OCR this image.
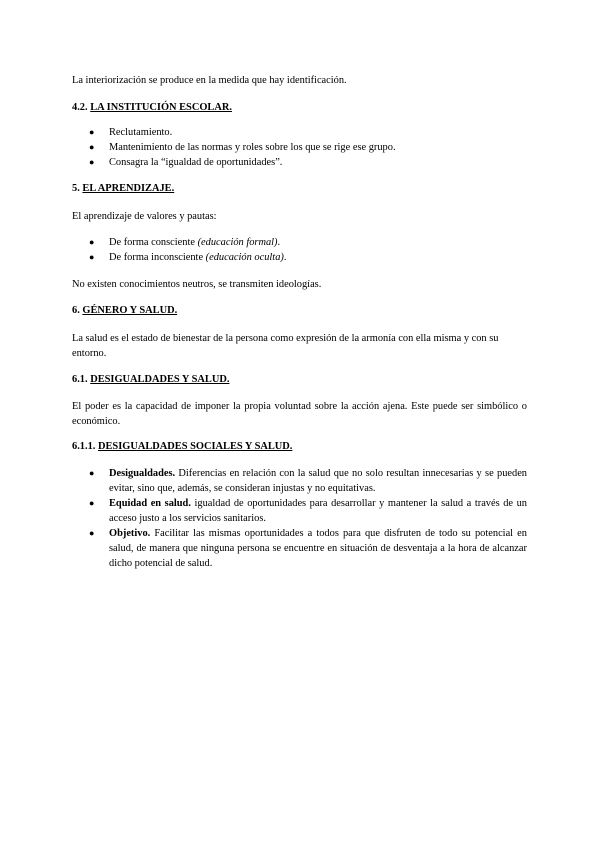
La interiorización se produce en la medida que hay identificación.

4.2. LA INSTITUCIÓN ESCOLAR.
● Reclutamiento.
● Mantenimiento de las normas y roles sobre los que se rige ese grupo.
● Consagra la “igualdad de oportunidades”.
5. EL APRENDIZAJE.

El aprendizaje de valores y pautas:

● De forma consciente (educación formal).
● De forma inconsciente (educación oculta).

No existen conocimientos neutros, se transmiten ideologías.

6. GÉNERO Y SALUD.

La salud es el estado de bienestar de la persona como expresión de la armonía con ella misma y con su entorno.

6.1. DESIGUALDADES Y SALUD.

El poder es la capacidad de imponer la propia voluntad sobre la acción ajena. Este puede ser simbólico o económico.

6.1.1. DESIGUALDADES SOCIALES Y SALUD.
● Desigualdades. Diferencias en relación con la salud que no solo resultan innecesarias y se pueden evitar, sino que, además, se consideran injustas y no equitativas.
● Equidad en salud. igualdad de oportunidades para desarrollar y mantener la salud a través de un acceso justo a los servicios sanitarios.
● Objetivo. Facilitar las mismas oportunidades a todos para que disfruten de todo su potencial en salud, de manera que ninguna persona se encuentre en situación de desventaja a la hora de alcanzar dicho potencial de salud.
